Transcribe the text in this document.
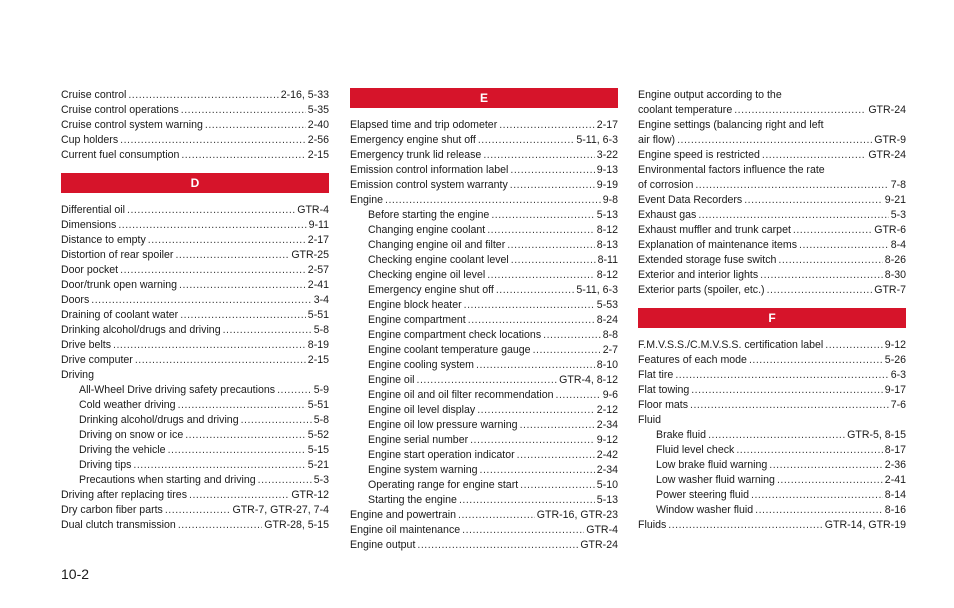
Cruise control .....	2-16, 5-33
Cruise control operations .....	5-35
Cruise control system warning .....	2-40
Cup holders .....	2-56
Current fuel consumption .....	2-15
D
Differential oil .....	GTR-4
Dimensions .....	9-11
Distance to empty .....	2-17
Distortion of rear spoiler .....	GTR-25
Door pocket .....	2-57
Door/trunk open warning .....	2-41
Doors .....	3-4
Draining of coolant water .....	5-51
Drinking alcohol/drugs and driving .....	5-8
Drive belts .....	8-19
Drive computer .....	2-15
Driving
All-Wheel Drive driving safety precautions .....	5-9
Cold weather driving .....	5-51
Drinking alcohol/drugs and driving .....	5-8
Driving on snow or ice .....	5-52
Driving the vehicle .....	5-15
Driving tips .....	5-21
Precautions when starting and driving .....	5-3
Driving after replacing tires .....	GTR-12
Dry carbon fiber parts .....	GTR-7, GTR-27, 7-4
Dual clutch transmission .....	GTR-28, 5-15
E
Elapsed time and trip odometer .....	2-17
Emergency engine shut off .....	5-11, 6-3
Emergency trunk lid release .....	3-22
Emission control information label .....	9-13
Emission control system warranty .....	9-19
Engine .....	9-8
Before starting the engine .....	5-13
Changing engine coolant .....	8-12
Changing engine oil and filter .....	8-13
Checking engine coolant level .....	8-11
Checking engine oil level .....	8-12
Emergency engine shut off .....	5-11, 6-3
Engine block heater .....	5-53
Engine compartment .....	8-24
Engine compartment check locations .....	8-8
Engine coolant temperature gauge .....	2-7
Engine cooling system .....	8-10
Engine oil .....	GTR-4, 8-12
Engine oil and oil filter recommendation .....	9-6
Engine oil level display .....	2-12
Engine oil low pressure warning .....	2-34
Engine serial number .....	9-12
Engine start operation indicator .....	2-42
Engine system warning .....	2-34
Operating range for engine start .....	5-10
Starting the engine .....	5-13
Engine and powertrain .....	GTR-16, GTR-23
Engine oil maintenance .....	GTR-4
Engine output .....	GTR-24
Engine output according to the
coolant temperature .....	GTR-24
Engine settings (balancing right and left
air flow) .....	GTR-9
Engine speed is restricted .....	GTR-24
Environmental factors influence the rate
of corrosion .....	7-8
Event Data Recorders .....	9-21
Exhaust gas .....	5-3
Exhaust muffler and trunk carpet .....	GTR-6
Explanation of maintenance items .....	8-4
Extended storage fuse switch .....	8-26
Exterior and interior lights .....	8-30
Exterior parts (spoiler, etc.) .....	GTR-7
F
F.M.V.S.S./C.M.V.S.S. certification label .....	9-12
Features of each mode .....	5-26
Flat tire .....	6-3
Flat towing .....	9-17
Floor mats .....	7-6
Fluid
Brake fluid .....	GTR-5, 8-15
Fluid level check .....	8-17
Low brake fluid warning .....	2-36
Low washer fluid warning .....	2-41
Power steering fluid .....	8-14
Window washer fluid .....	8-16
Fluids .....	GTR-14, GTR-19
10-2
